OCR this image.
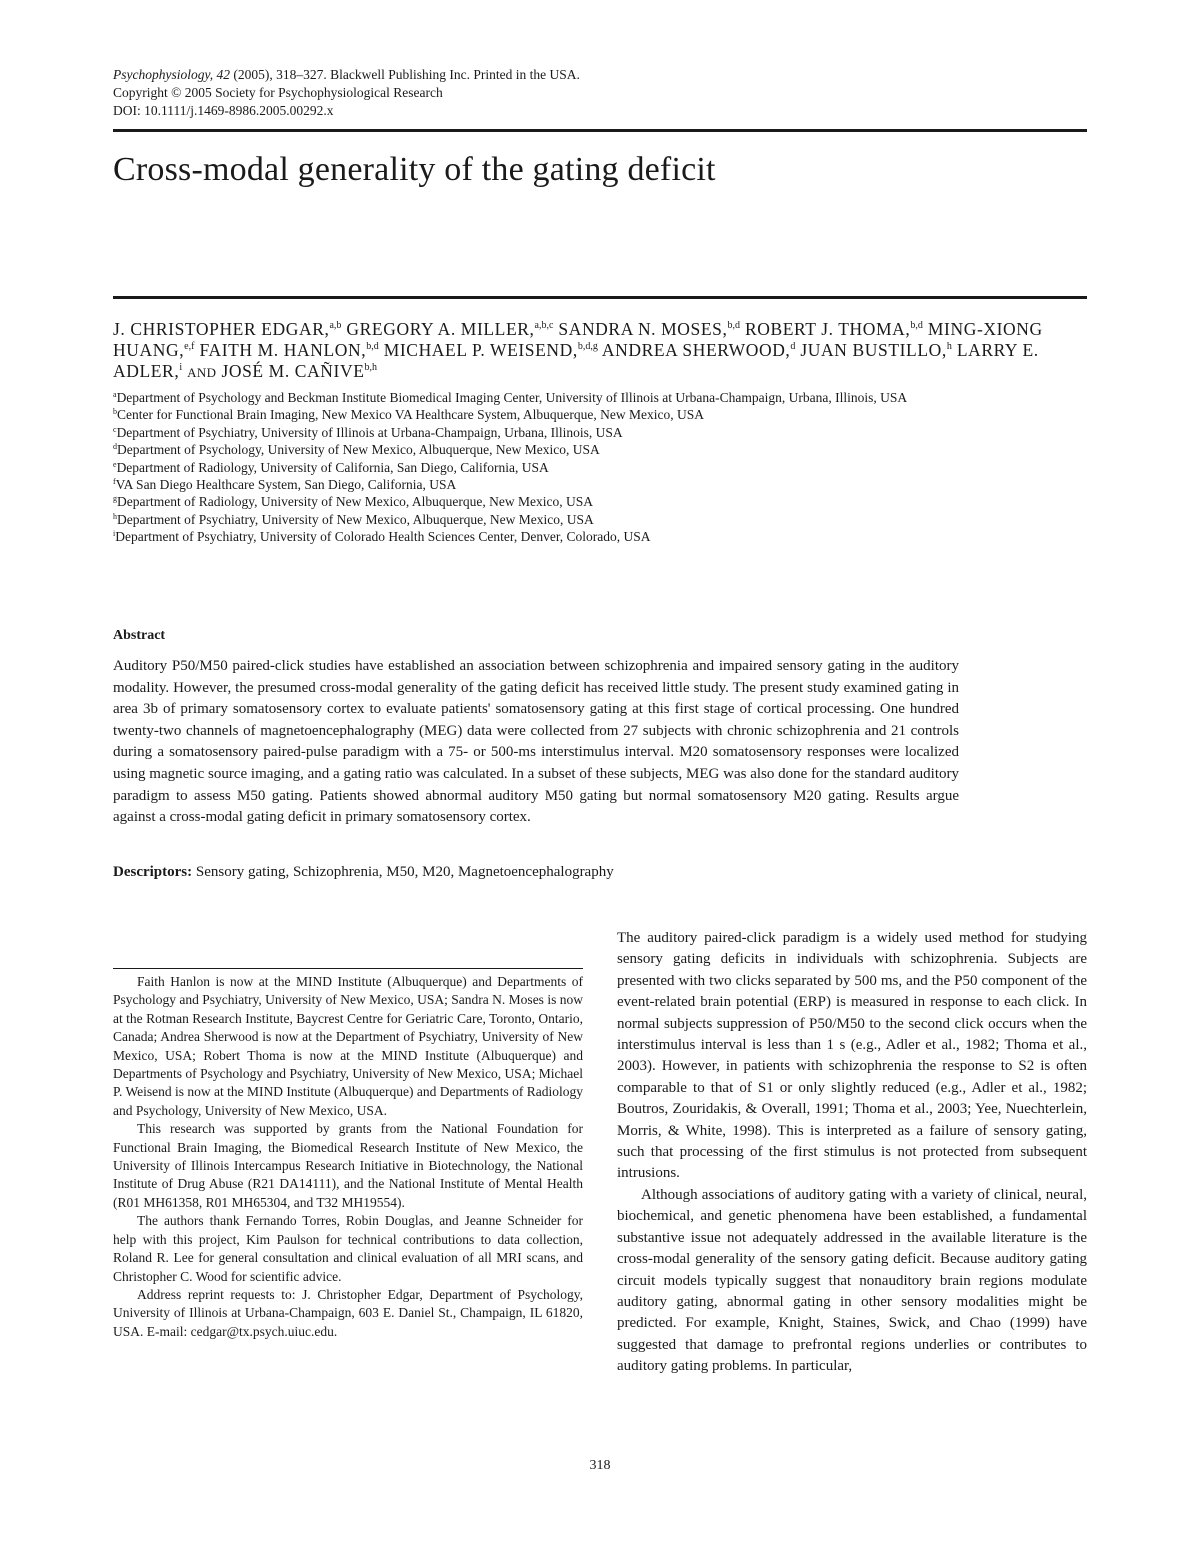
Psychophysiology, 42 (2005), 318–327. Blackwell Publishing Inc. Printed in the USA.
Copyright © 2005 Society for Psychophysiological Research
DOI: 10.1111/j.1469-8986.2005.00292.x
Cross-modal generality of the gating deficit
J. CHRISTOPHER EDGAR,$^{a,b}$ GREGORY A. MILLER,$^{a,b,c}$ SANDRA N. MOSES,$^{b,d}$ ROBERT J. THOMA,$^{b,d}$ MING-XIONG HUANG,$^{e,f}$ FAITH M. HANLON,$^{b,d}$ MICHAEL P. WEISEND,$^{b,d,g}$ ANDREA SHERWOOD,$^d$ JUAN BUSTILLO,$^h$ LARRY E. ADLER,$^i$ AND JOSÉ M. CAÑIVE$^{b,h}$
$^a$Department of Psychology and Beckman Institute Biomedical Imaging Center, University of Illinois at Urbana-Champaign, Urbana, Illinois, USA
$^b$Center for Functional Brain Imaging, New Mexico VA Healthcare System, Albuquerque, New Mexico, USA
$^c$Department of Psychiatry, University of Illinois at Urbana-Champaign, Urbana, Illinois, USA
$^d$Department of Psychology, University of New Mexico, Albuquerque, New Mexico, USA
$^e$Department of Radiology, University of California, San Diego, California, USA
$^f$VA San Diego Healthcare System, San Diego, California, USA
$^g$Department of Radiology, University of New Mexico, Albuquerque, New Mexico, USA
$^h$Department of Psychiatry, University of New Mexico, Albuquerque, New Mexico, USA
$^i$Department of Psychiatry, University of Colorado Health Sciences Center, Denver, Colorado, USA
Abstract
Auditory P50/M50 paired-click studies have established an association between schizophrenia and impaired sensory gating in the auditory modality. However, the presumed cross-modal generality of the gating deficit has received little study. The present study examined gating in area 3b of primary somatosensory cortex to evaluate patients' somatosensory gating at this first stage of cortical processing. One hundred twenty-two channels of magnetoencephalography (MEG) data were collected from 27 subjects with chronic schizophrenia and 21 controls during a somatosensory paired-pulse paradigm with a 75- or 500-ms interstimulus interval. M20 somatosensory responses were localized using magnetic source imaging, and a gating ratio was calculated. In a subset of these subjects, MEG was also done for the standard auditory paradigm to assess M50 gating. Patients showed abnormal auditory M50 gating but normal somatosensory M20 gating. Results argue against a cross-modal gating deficit in primary somatosensory cortex.
Descriptors: Sensory gating, Schizophrenia, M50, M20, Magnetoencephalography

Faith Hanlon is now at the MIND Institute (Albuquerque) and Departments of Psychology and Psychiatry, University of New Mexico, USA; Sandra N. Moses is now at the Rotman Research Institute, Baycrest Centre for Geriatric Care, Toronto, Ontario, Canada; Andrea Sherwood is now at the Department of Psychiatry, University of New Mexico, USA; Robert Thoma is now at the MIND Institute (Albuquerque) and Departments of Psychology and Psychiatry, University of New Mexico, USA; Michael P. Weisend is now at the MIND Institute (Albuquerque) and Departments of Radiology and Psychology, University of New Mexico, USA.

This research was supported by grants from the National Foundation for Functional Brain Imaging, the Biomedical Research Institute of New Mexico, the University of Illinois Intercampus Research Initiative in Biotechnology, the National Institute of Drug Abuse (R21 DA14111), and the National Institute of Mental Health (R01 MH61358, R01 MH65304, and T32 MH19554).

The authors thank Fernando Torres, Robin Douglas, and Jeanne Schneider for help with this project, Kim Paulson for technical contributions to data collection, Roland R. Lee for general consultation and clinical evaluation of all MRI scans, and Christopher C. Wood for scientific advice.

Address reprint requests to: J. Christopher Edgar, Department of Psychology, University of Illinois at Urbana-Champaign, 603 E. Daniel St., Champaign, IL 61820, USA. E-mail: cedgar@tx.psych.uiuc.edu.

The auditory paired-click paradigm is a widely used method for studying sensory gating deficits in individuals with schizophrenia. Subjects are presented with two clicks separated by 500 ms, and the P50 component of the event-related brain potential (ERP) is measured in response to each click. In normal subjects suppression of P50/M50 to the second click occurs when the interstimulus interval is less than 1 s (e.g., Adler et al., 1982; Thoma et al., 2003). However, in patients with schizophrenia the response to S2 is often comparable to that of S1 or only slightly reduced (e.g., Adler et al., 1982; Boutros, Zouridakis, & Overall, 1991; Thoma et al., 2003; Yee, Nuechterlein, Morris, & White, 1998). This is interpreted as a failure of sensory gating, such that processing of the first stimulus is not protected from subsequent intrusions.

Although associations of auditory gating with a variety of clinical, neural, biochemical, and genetic phenomena have been established, a fundamental substantive issue not adequately addressed in the available literature is the cross-modal generality of the sensory gating deficit. Because auditory gating circuit models typically suggest that nonauditory brain regions modulate auditory gating, abnormal gating in other sensory modalities might be predicted. For example, Knight, Staines, Swick, and Chao (1999) have suggested that damage to prefrontal regions underlies or contributes to auditory gating problems. In particular,

318
